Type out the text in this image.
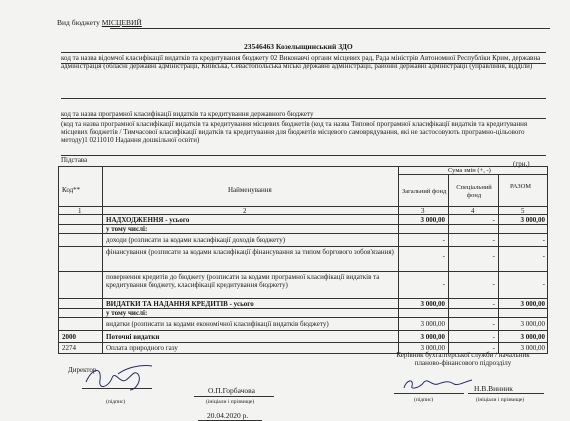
Вид бюджету МІСЦЕВИЙ
23546463 Козелыщинський ЗДО
код та назва відомчої класифікації видатків та кредитування бюджету 02 Виконавчі органи місцевих рад, Рада міністрів Автономної Республіки Крим, державна адміністрація (обласні державні адміністрації, Київська, Севастопольська міські державні адміністрації, районні державні адміністрації (управління, відділи)
код та назва програмної класифікації видатків та кредитування державного бюджету
(код та назва програмної класифікації видатків та кредитування місцевих бюджетів (код та назва Типової програмної класифікації видатків та кредитування місцевих бюджетів / Тимчасової класифікації видатків та кредитування для бюджетів місцевого самоврядування, які не застосовують програмно-цільового методу)1 0211010 Надання дошкільної освіти)
Підстава	(грн.)
Код**	Найменування
Сума змін (+, -)
Загальний фонд
Спеціальний фонд
РАЗОМ
1	2	3	4	5
НАДХОДЖЕННЯ - усього	3 000,00	-	3 000,00
у тому числі:
доходи (розписати за кодами класифікації доходів бюджету)	-	-	-
фінансування (розписати за кодами класифікації фінансування за типом боргового зобов'язання)	-	-	-
повернення кредитів до бюджету (розписати за кодами програмної класифікації видатків та кредитування бюджету, класифікації кредитування бюджету)	-	-	-
ВИДАТКИ ТА НАДАННЯ КРЕДИТІВ - усього	3 000,00	-	3 000,00
у тому числі:
видатки (розписати за кодами економічної класифікації видатків бюджету)	3 000,00	-	3 000,00
2000	Поточні видатки	3 000,00	-	3 000,00
2274	Оплата природного газу	3 000,00	-	3 000,00
Директор
(підпис)
О.П.Горбачова
(ініціали і прізвище)
Керівник бухгалтерської служби / начальник планово-фінансового підрозділу
(підпис)
Н.В.Виниик
(ініціали і прізвище)
20.04.2020 р.
